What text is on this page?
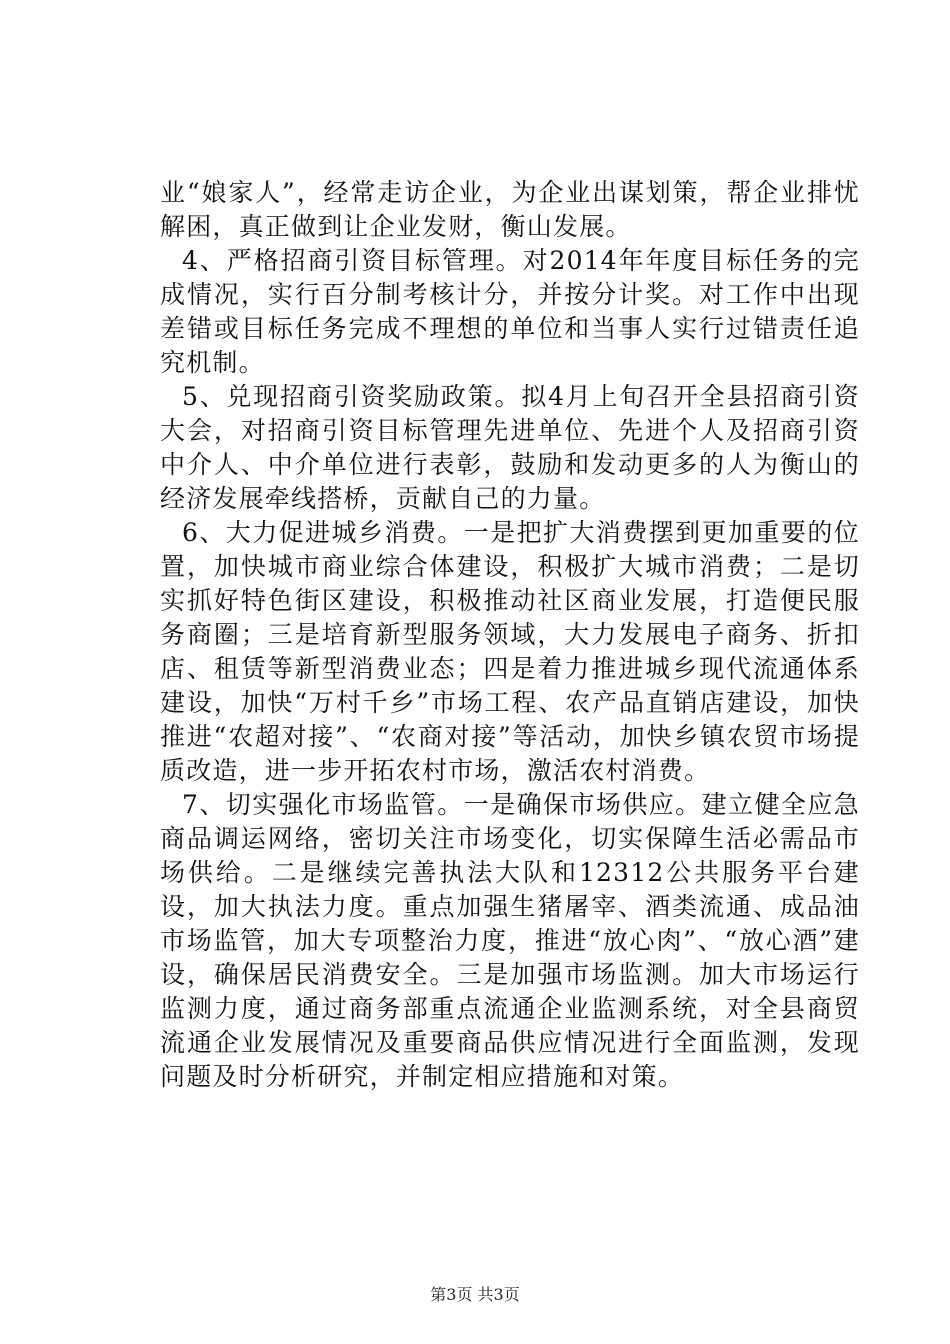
业“娘家人”，经常走访企业，为企业出谋划策，帮企业排忧解困，真正做到让企业发财，衡山发展。

4、严格招商引资目标管理。对2014年年度目标任务的完成情况，实行百分制考核计分，并按分计奖。对工作中出现差错或目标任务完成不理想的单位和当事人实行过错责任追究机制。

5、兑现招商引资奖励政策。拟4月上旬召开全县招商引资大会，对招商引资目标管理先进单位、先进个人及招商引资中介人、中介单位进行表彰，鼓励和发动更多的人为衡山的经济发展牵线搭桥，贡献自己的力量。

6、大力促进城乡消费。一是把扩大消费摆到更加重要的位置，加快城市商业综合体建设，积极扩大城市消费；二是切实抓好特色街区建设，积极推动社区商业发展，打造便民服务商圈；三是培育新型服务领域，大力发展电子商务、折扣店、租赁等新型消费业态；四是着力推进城乡现代流通体系建设，加快“万村千乡”市场工程、农产品直销店建设，加快推进“农超对接”、“农商对接”等活动，加快乡镇农贸市场提质改造，进一步开拓农村市场，激活农村消费。

7、切实强化市场监管。一是确保市场供应。建立健全应急商品调运网络，密切关注市场变化，切实保障生活必需品市场供给。二是继续完善执法大队和12312公共服务平台建设，加大执法力度。重点加强生猪屠宰、酒类流通、成品油市场监管，加大专项整治力度，推进“放心肉”、“放心酒”建设，确保居民消费安全。三是加强市场监测。加大市场运行监测力度，通过商务部重点流通企业监测系统，对全县商贸流通企业发展情况及重要商品供应情况进行全面监测，发现问题及时分析研究，并制定相应措施和对策。

第3页 共3页
